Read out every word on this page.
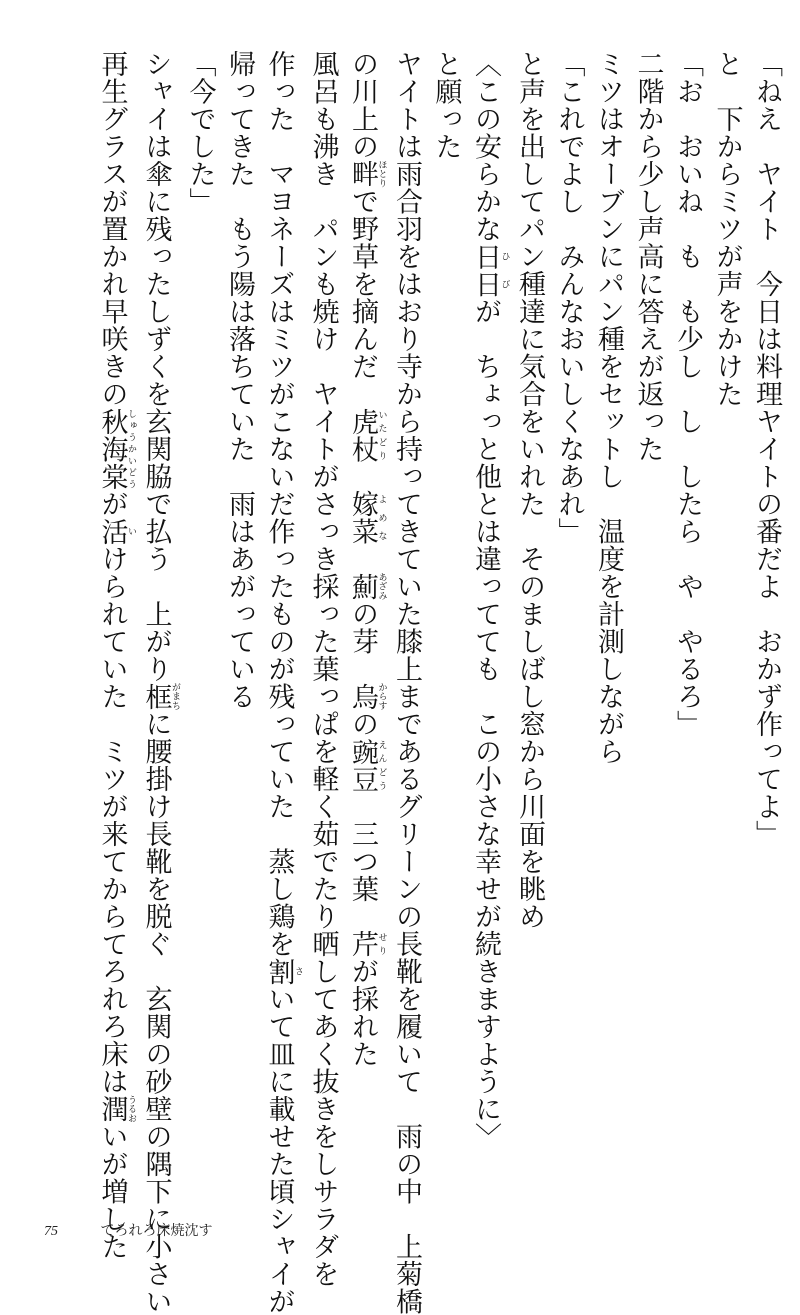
「ねえ　ヤイト　今日は料理ヤイトの番だよ　おかず作ってよ」
と　下からミツが声をかけた
「お　おいね　も　も少し　し　したら　や　やるろ」
二階から少し声高に答えが返った
ミツはオーブンにパン種をセットし　温度を計測しながら
「これでよし　みんなおいしくなあれ」
と声を出してパン種達に気合をいれた　そのましばし窓から川面を眺め
〈この安らかな日日ひびが　ちょっと他とは違ってても　この小さな幸せが続きますように〉
と願った
ヤイトは雨合羽をはおり寺から持ってきていた膝上まであるグリーンの長靴を履いて　雨の中　上菊橋
の川上の畔ほとりで野草を摘んだ　虎杖いたどり　嫁菜よめな　薊あざみの芽　烏からすの豌豆えんどう　三つ葉　芹せりが採れた
風呂も沸き　パンも焼け　ヤイトがさっき採った葉っぱを軽く茹でたり晒してあく抜きをしサラダを
作った　マヨネーズはミツがこないだ作ったものが残っていた　蒸し鶏を割さいて皿に載せた頃シャイが
帰ってきた　もう陽は落ちていた　雨はあがっている
「今でした」
シャイは傘に残ったしずくを玄関脇で払う　上がり框がまちに腰掛け長靴を脱ぐ　玄関の砂壁の隅下に小さい
再生グラスが置かれ早咲きの秋海棠しゅうかいどうが活いけられていた　ミツが来てからてろれろ床は潤うるおいが増した
75	てろれろ床焼沈す
